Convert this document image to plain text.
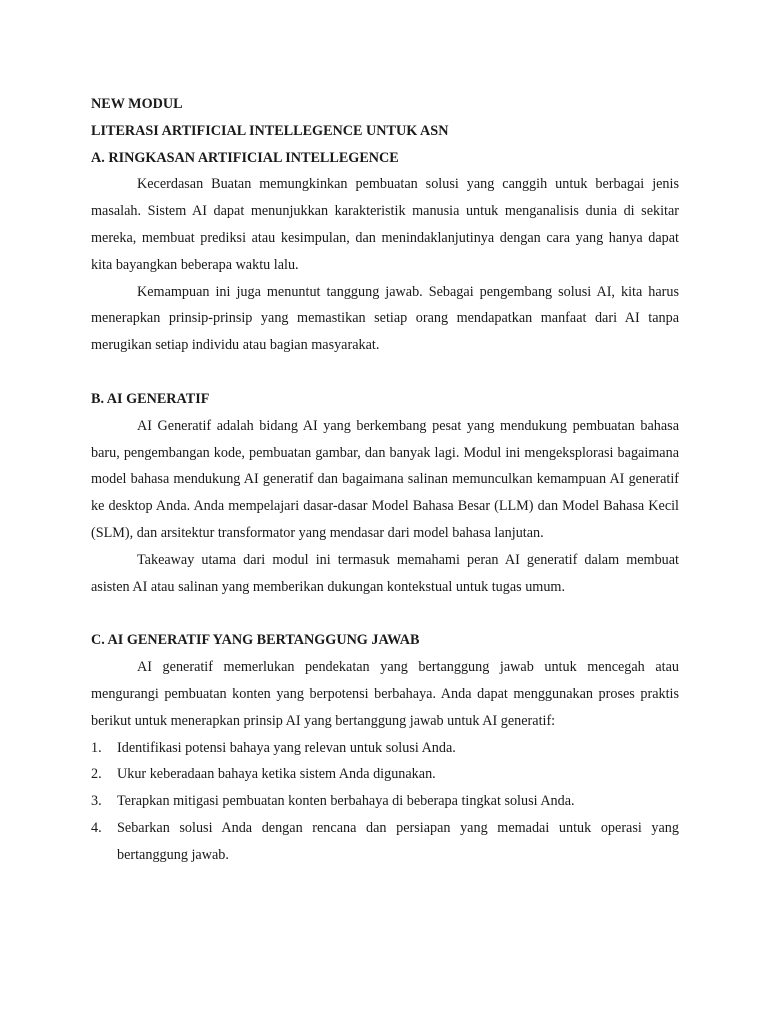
NEW MODUL

LITERASI ARTIFICIAL INTELLEGENCE UNTUK ASN

A. RINGKASAN ARTIFICIAL INTELLEGENCE

Kecerdasan Buatan memungkinkan pembuatan solusi yang canggih untuk berbagai jenis masalah. Sistem AI dapat menunjukkan karakteristik manusia untuk menganalisis dunia di sekitar mereka, membuat prediksi atau kesimpulan, dan menindaklanjutinya dengan cara yang hanya dapat kita bayangkan beberapa waktu lalu.

Kemampuan ini juga menuntut tanggung jawab. Sebagai pengembang solusi AI, kita harus menerapkan prinsip-prinsip yang memastikan setiap orang mendapatkan manfaat dari AI tanpa merugikan setiap individu atau bagian masyarakat.

B. AI GENERATIF

AI Generatif adalah bidang AI yang berkembang pesat yang mendukung pembuatan bahasa baru, pengembangan kode, pembuatan gambar, dan banyak lagi. Modul ini mengeksplorasi bagaimana model bahasa mendukung AI generatif dan bagaimana salinan memunculkan kemampuan AI generatif ke desktop Anda. Anda mempelajari dasar-dasar Model Bahasa Besar (LLM) dan Model Bahasa Kecil (SLM), dan arsitektur transformator yang mendasar dari model bahasa lanjutan.

Takeaway utama dari modul ini termasuk memahami peran AI generatif dalam membuat asisten AI atau salinan yang memberikan dukungan kontekstual untuk tugas umum.

C. AI GENERATIF YANG BERTANGGUNG JAWAB

AI generatif memerlukan pendekatan yang bertanggung jawab untuk mencegah atau mengurangi pembuatan konten yang berpotensi berbahaya. Anda dapat menggunakan proses praktis berikut untuk menerapkan prinsip AI yang bertanggung jawab untuk AI generatif:

1. Identifikasi potensi bahaya yang relevan untuk solusi Anda.
2. Ukur keberadaan bahaya ketika sistem Anda digunakan.
3. Terapkan mitigasi pembuatan konten berbahaya di beberapa tingkat solusi Anda.
4. Sebarkan solusi Anda dengan rencana dan persiapan yang memadai untuk operasi yang bertanggung jawab.
